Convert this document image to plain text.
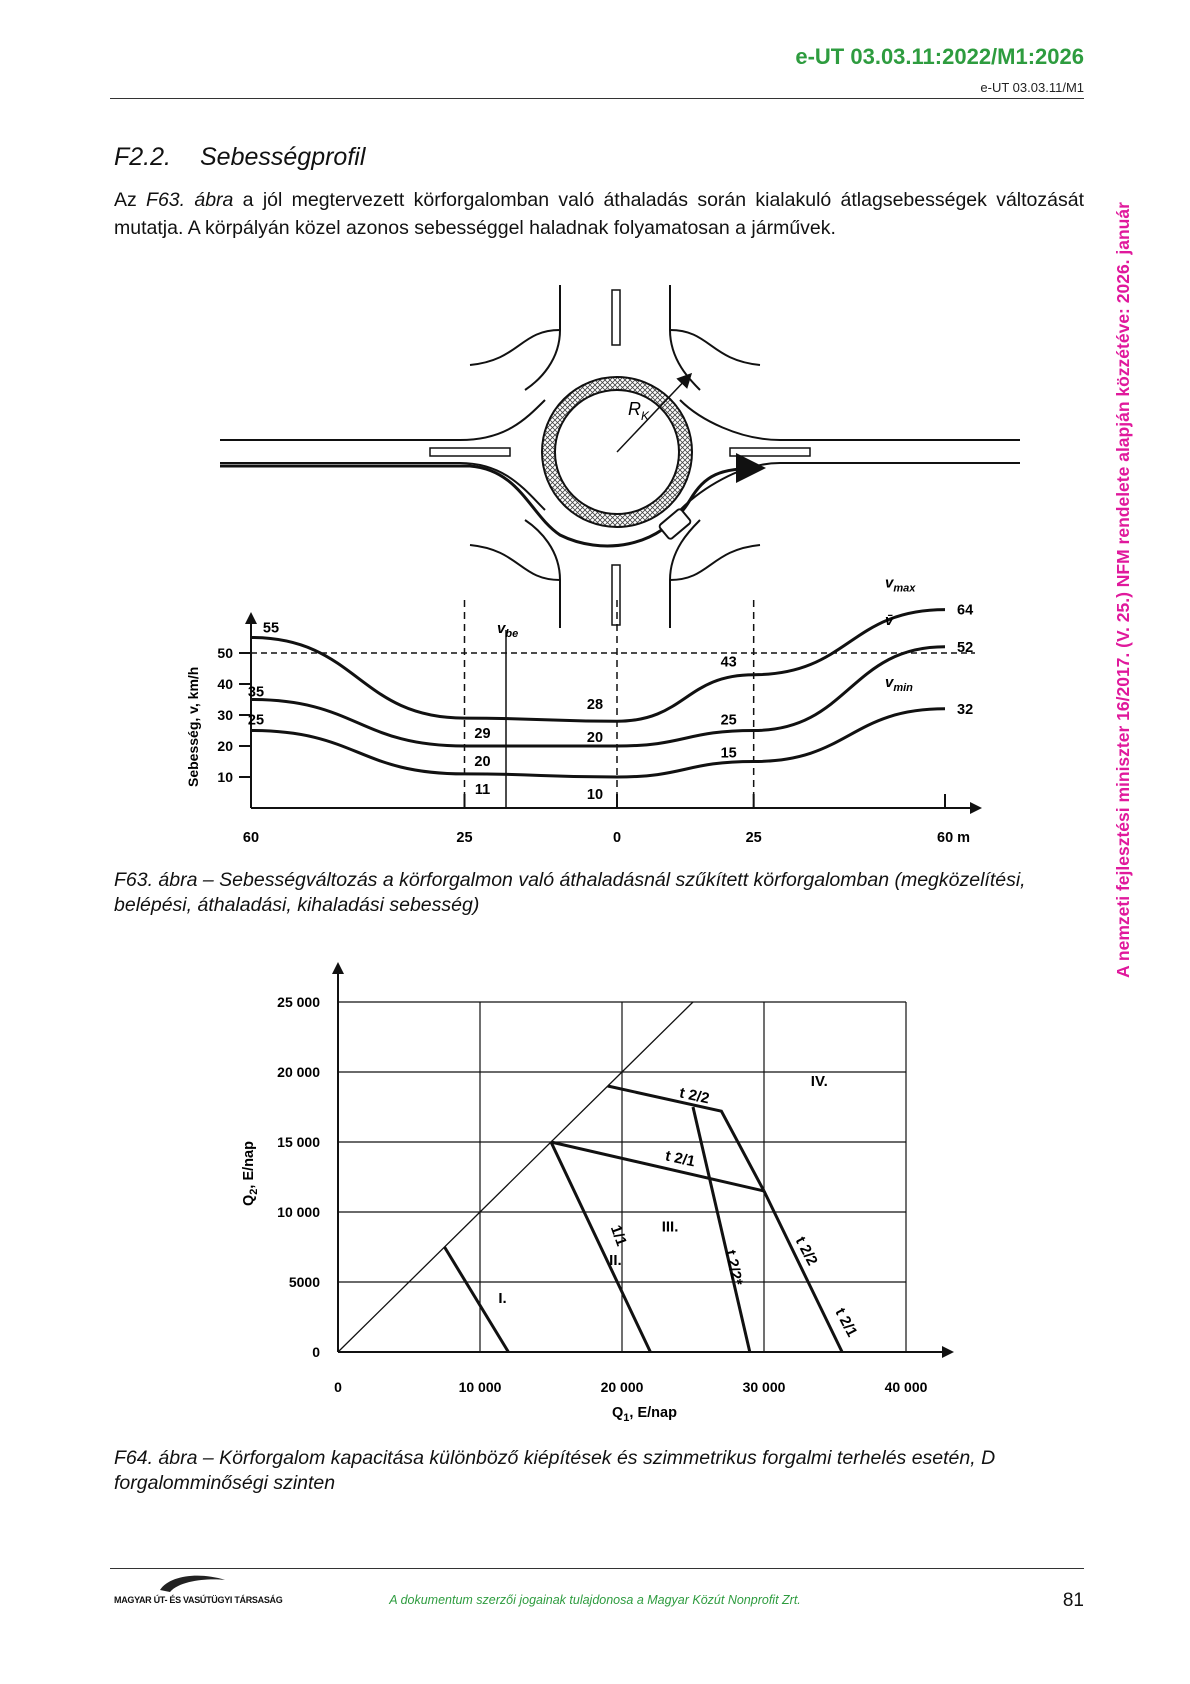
e-UT 03.03.11:2022/M1:2026
e-UT 03.03.11/M1
A nemzeti fejlesztési miniszter 16/2017. (V. 25.) NFM rendelete alapján közzétéve: 2026. január
F2.2. Sebességprofil
Az F63. ábra a jól megtervezett körforgalomban való áthaladás során kialakuló átlagsebességek változását mutatja. A körpályán közel azonos sebességgel haladnak folyamatosan a járművek.
$R_K$
10
20
30
40
50
Sebesség, v, km/h
60	25	0	25	60 m
$v_{be}$
55
29
28
43
64
$v_{max}$
35
20
20
25
52
v̄
25
11	10
15
32
$v_{min}$
F63. ábra – Sebességváltozás a körforgalmon való áthaladásnál szűkített körforgalomban (megközelítési, belépési, áthaladási, kihaladási sebesség)
0	10 000	20 000	30 000	40 000
0
5000
10 000
15 000
20 000
25 000
I.
II.
III.
IV.
t 2/2
t 2/1
1/1
t 2/2*	t 2/2
t 2/1
$Q_1$, E/nap
$Q_2$, E/nap
F64. ábra – Körforgalom kapacitása különböző kiépítések és szimmetrikus forgalmi terhelés esetén, D forgalomminőségi szinten
MAGYAR ÚT- ÉS VASÚTÜGYI TÁRSASÁG	A dokumentum szerzői jogainak tulajdonosa a Magyar Közút Nonprofit Zrt.	81
